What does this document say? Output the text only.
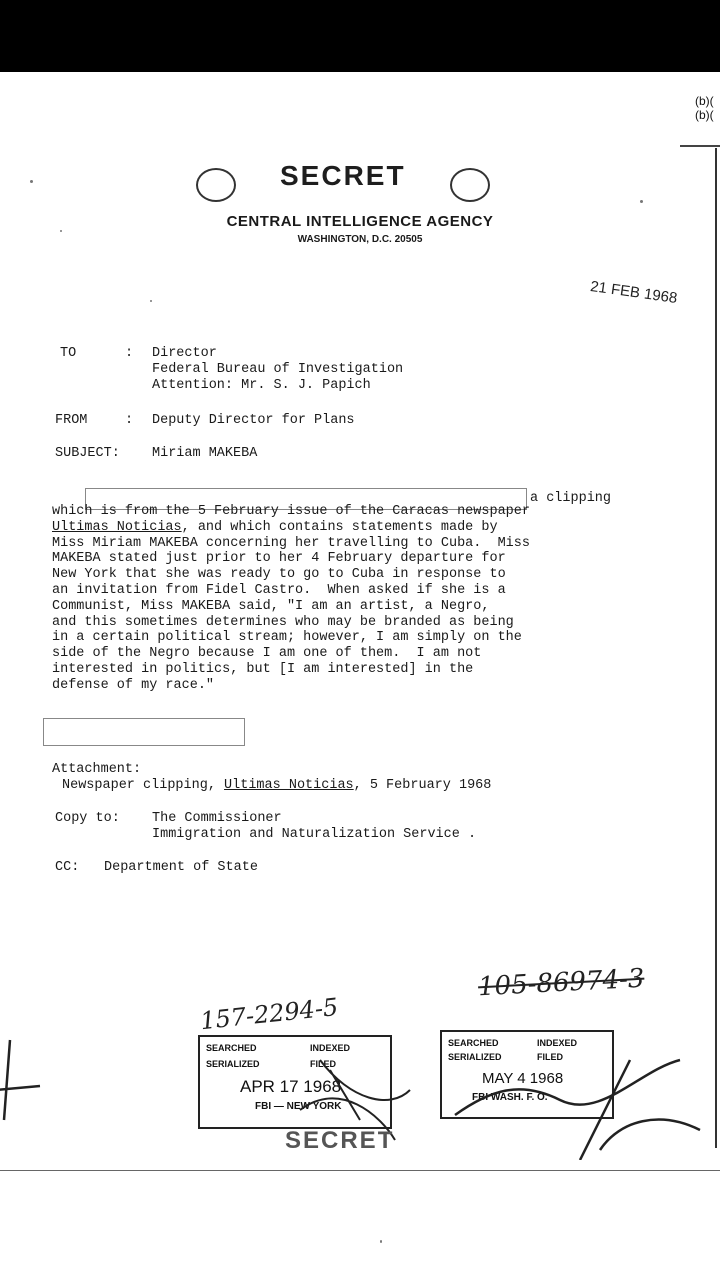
(b)(
(b)(
SECRET
CENTRAL INTELLIGENCE AGENCY
WASHINGTON, D.C. 20505
21 FEB 1968
TO	: Director
Federal Bureau of Investigation
Attention: Mr. S. J. Papich
FROM	: Deputy Director for Plans
SUBJECT: Miriam MAKEBA
a clipping
which is from the 5 February issue of the Caracas newspaper
Ultimas Noticias, and which contains statements made by
Miss Miriam MAKEBA concerning her travelling to Cuba.  Miss
MAKEBA stated just prior to her 4 February departure for
New York that she was ready to go to Cuba in response to
an invitation from Fidel Castro.  When asked if she is a
Communist, Miss MAKEBA said, "I am an artist, a Negro,
and this sometimes determines who may be branded as being
in a certain political stream; however, I am simply on the
side of the Negro because I am one of them.  I am not
interested in politics, but [I am interested] in the
defense of my race."
Attachment:
Newspaper clipping, Ultimas Noticias, 5 February 1968
Copy to: The Commissioner
Immigration and Naturalization Service .
CC: Department of State
157-2294-5
105-86974-3
SEARCHED	INDEXED
SERIALIZED	FILED
APR 17 1968
FBI — NEW YORK
SEARCHED	INDEXED
SERIALIZED	FILED
MAY 4 1968
FBI WASH. F. O.
SECRET
